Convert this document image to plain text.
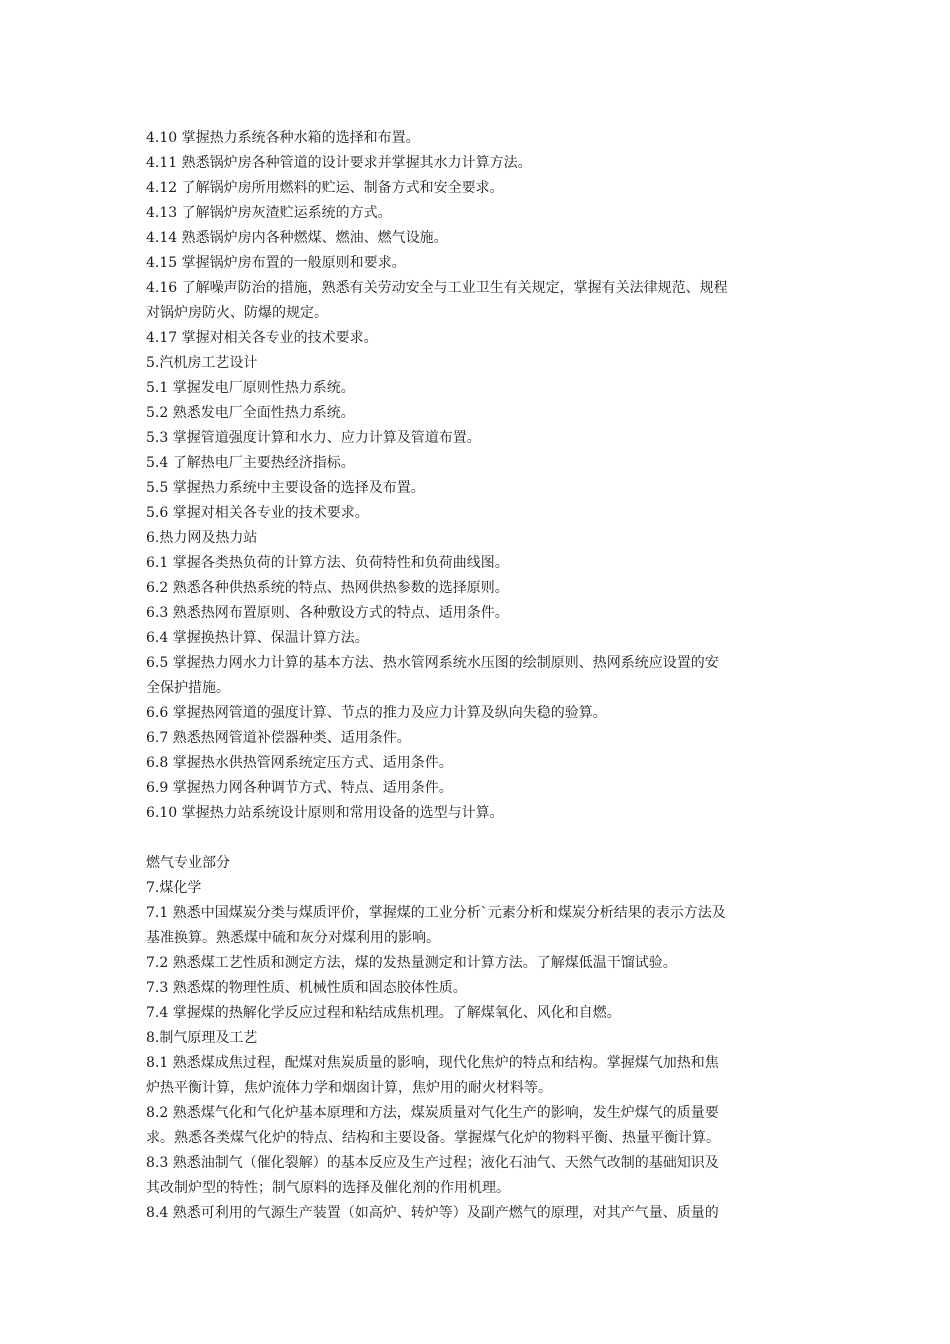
4.10 掌握热力系统各种水箱的选择和布置。
4.11 熟悉锅炉房各种管道的设计要求并掌握其水力计算方法。
4.12 了解锅炉房所用燃料的贮运、制备方式和安全要求。
4.13 了解锅炉房灰渣贮运系统的方式。
4.14 熟悉锅炉房内各种燃煤、燃油、燃气设施。
4.15 掌握锅炉房布置的一般原则和要求。
4.16 了解噪声防治的措施，熟悉有关劳动安全与工业卫生有关规定，掌握有关法律规范、规程
对锅炉房防火、防爆的规定。
4.17 掌握对相关各专业的技术要求。
5.汽机房工艺设计
5.1 掌握发电厂原则性热力系统。
5.2 熟悉发电厂全面性热力系统。
5.3 掌握管道强度计算和水力、应力计算及管道布置。
5.4 了解热电厂主要热经济指标。
5.5 掌握热力系统中主要设备的选择及布置。
5.6 掌握对相关各专业的技术要求。
6.热力网及热力站
6.1 掌握各类热负荷的计算方法、负荷特性和负荷曲线图。
6.2 熟悉各种供热系统的特点、热网供热参数的选择原则。
6.3 熟悉热网布置原则、各种敷设方式的特点、适用条件。
6.4 掌握换热计算、保温计算方法。
6.5 掌握热力网水力计算的基本方法、热水管网系统水压图的绘制原则、热网系统应设置的安
全保护措施。
6.6 掌握热网管道的强度计算、节点的推力及应力计算及纵向失稳的验算。
6.7 熟悉热网管道补偿器种类、适用条件。
6.8 掌握热水供热管网系统定压方式、适用条件。
6.9 掌握热力网各种调节方式、特点、适用条件。
6.10 掌握热力站系统设计原则和常用设备的选型与计算。
燃气专业部分
7.煤化学
7.1 熟悉中国煤炭分类与煤质评价，掌握煤的工业分析`元素分析和煤炭分析结果的表示方法及
基准换算。熟悉煤中硫和灰分对煤利用的影响。
7.2 熟悉煤工艺性质和测定方法，煤的发热量测定和计算方法。了解煤低温干馏试验。
7.3 熟悉煤的物理性质、机械性质和固态胶体性质。
7.4 掌握煤的热解化学反应过程和粘结成焦机理。了解煤氧化、风化和自燃。
8.制气原理及工艺
8.1 熟悉煤成焦过程，配煤对焦炭质量的影响，现代化焦炉的特点和结构。掌握煤气加热和焦
炉热平衡计算，焦炉流体力学和烟囱计算，焦炉用的耐火材料等。
8.2 熟悉煤气化和气化炉基本原理和方法，煤炭质量对气化生产的影响，发生炉煤气的质量要
求。熟悉各类煤气化炉的特点、结构和主要设备。掌握煤气化炉的物料平衡、热量平衡计算。
8.3 熟悉油制气（催化裂解）的基本反应及生产过程；液化石油气、天然气改制的基础知识及
其改制炉型的特性；制气原料的选择及催化剂的作用机理。
8.4 熟悉可利用的气源生产装置（如高炉、转炉等）及副产燃气的原理，对其产气量、质量的
